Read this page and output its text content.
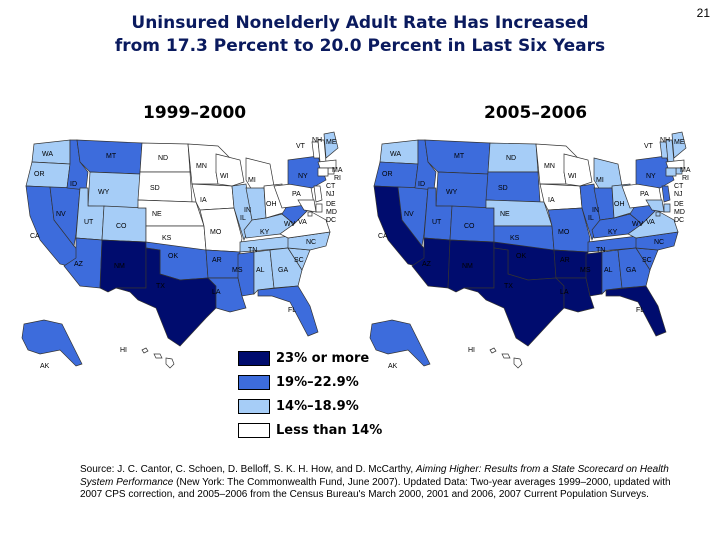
21
Uninsured Nonelderly Adult Rate Has Increased
from 17.3 Percent to 20.0 Percent in Last Six Years
1999–2000	2005–2006
WA
OR
CA
NV
ID
MT
WY
UT
AZ
CO
NM
ND
SD
NE
KS
OK
TX
MN
IA
MO
AR
LA
WI
IL
MS
MI
IN
KY
TN
AL
OH
GA
FL
SC
NC
VA
WV
PA
NY
VT
NH ME
MA
RI
CT
NJ
DE
MD
DC
AK
HI
WA
OR
CA
NV
ID
MT
WY
UT
AZ
CO
NM
ND
SD
NE
KS
OK
TX
MN
IA
MO
AR
LA
WI
IL
MS
MI
IN
KY
TN
AL
OH
GA
FL
SC
NC
VA
WV
PA
NY
VT
NH ME
MA
RI
CT
NJ
DE
MD
DC
AK
HI
23% or more
19%–22.9%
14%–18.9%
Less than 14%
Source: J. C. Cantor, C. Schoen, D. Belloff, S. K. H. How, and D. McCarthy, Aiming Higher: Results from a State Scorecard on Health System Performance (New York: The Commonwealth Fund, June 2007). Updated Data: Two-year averages 1999–2000, updated with 2007 CPS correction, and 2005–2006 from the Census Bureau's March 2000, 2001 and 2006, 2007 Current Population Surveys.
